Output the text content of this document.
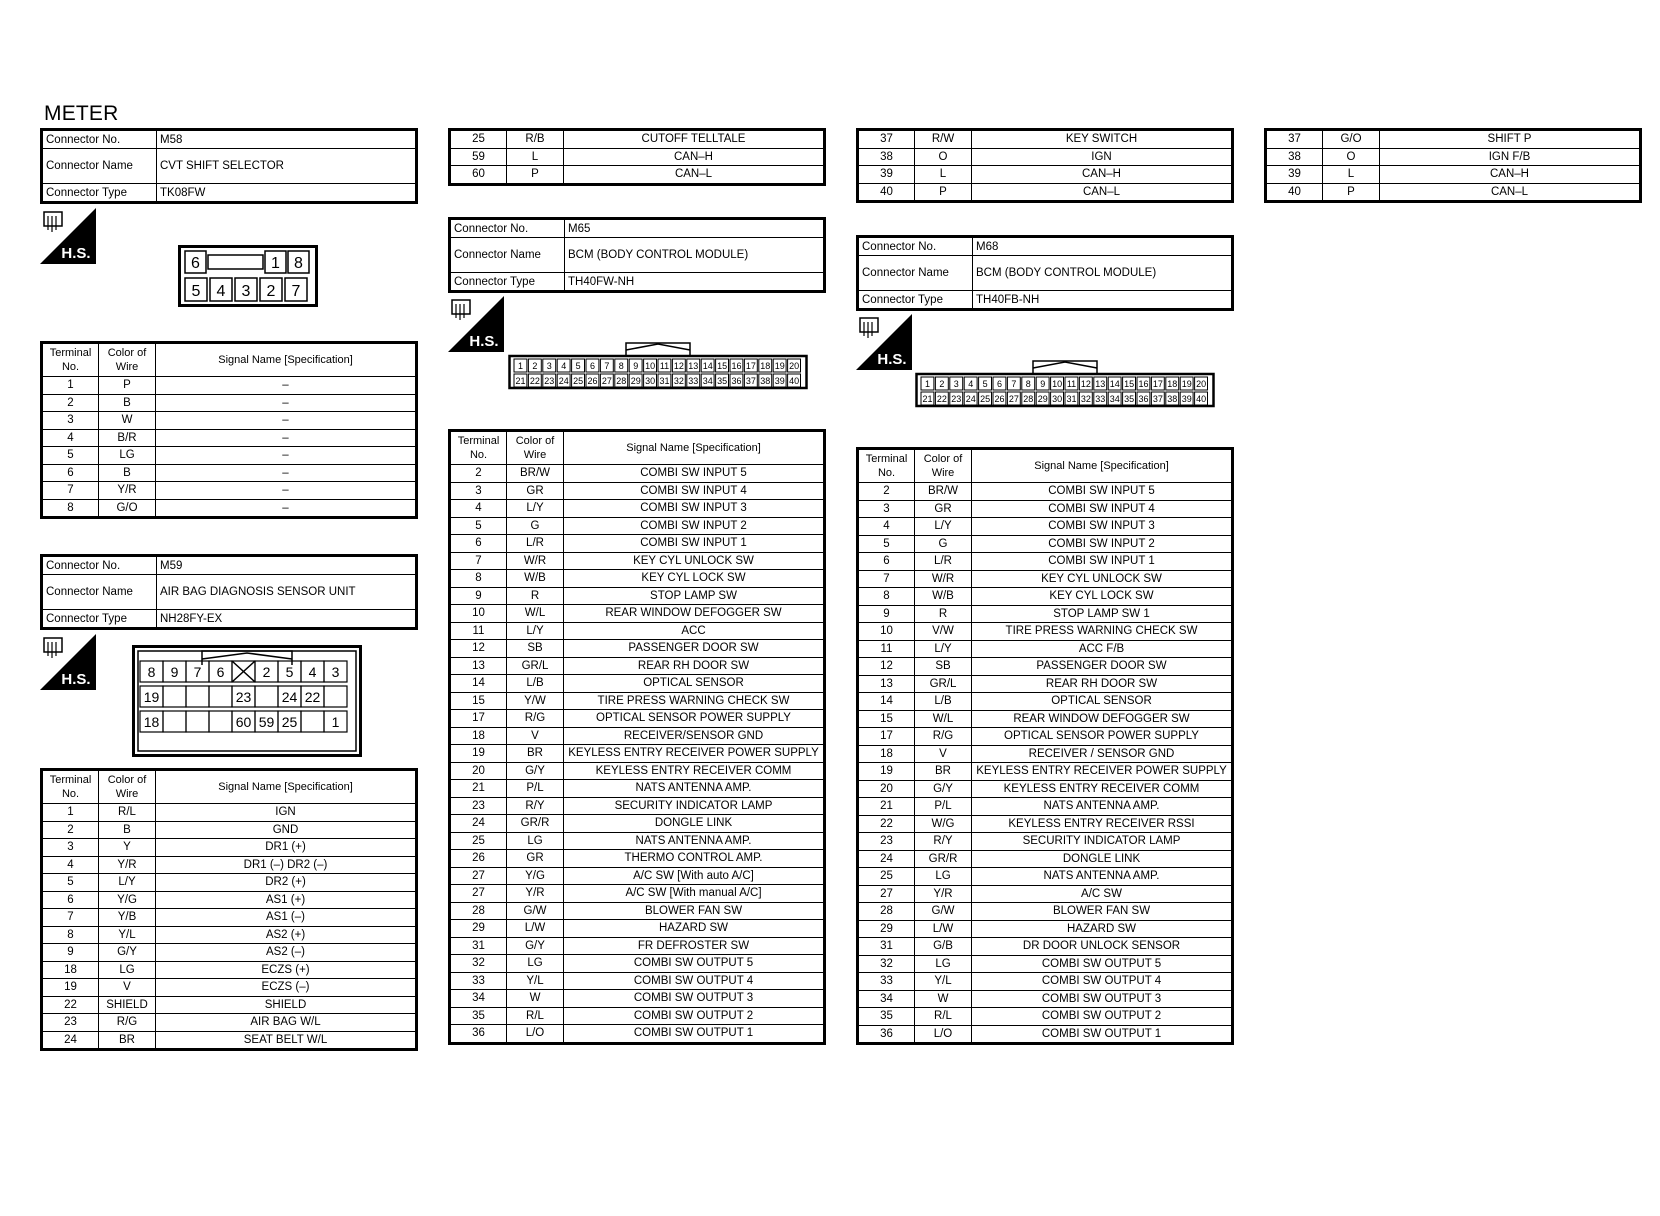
METER
Connector No.	M58
Connector Name	CVT SHIFT SELECTOR
Connector Type	TK08FW
H.S.
6	1 8
5 4 3 2 7
Terminal No.	Color of Wire	Signal Name [Specification]
1	P	–
2	B	–
3	W	–
4	B/R	–
5	LG	–
6	B	–
7	Y/R	–
8	G/O	–
Connector No.	M59
Connector Name	AIR BAG DIAGNOSIS SENSOR UNIT
Connector Type	NH28FY-EX
H.S.	8 9 7 6	2 5 4 3
19	23 24 22
18	60 59 25 1
Terminal No.	Color of Wire	Signal Name [Specification]
1	R/L	IGN
2	B	GND
3	Y	DR1 (+)
4	Y/R	DR1 (–) DR2 (–)
5	L/Y	DR2 (+)
6	Y/G	AS1 (+)
7	Y/B	AS1 (–)
8	Y/L	AS2 (+)
9	G/Y	AS2 (–)
18	LG	ECZS (+)
19	V	ECZS (–)
22	SHIELD	SHIELD
23	R/G	AIR BAG W/L
24	BR	SEAT BELT W/L
25	R/B	CUTOFF TELLTALE
59	L	CAN–H
60	P	CAN–L
Connector No.	M65
Connector Name	BCM (BODY CONTROL MODULE)
Connector Type	TH40FW-NH
H.S.
1 2 3 4 5 6 7 8 9 10 11 12 13 14 15 16 17 18 19 20
21 22 23 24 25 26 27 28 29 30 31 32 33 34 35 36 37 38 39 40
Terminal No.	Color of Wire	Signal Name [Specification]
2	BR/W	COMBI SW INPUT 5
3	GR	COMBI SW INPUT 4
4	L/Y	COMBI SW INPUT 3
5	G	COMBI SW INPUT 2
6	L/R	COMBI SW INPUT 1
7	W/R	KEY CYL UNLOCK SW
8	W/B	KEY CYL LOCK SW
9	R	STOP LAMP SW
10	W/L	REAR WINDOW DEFOGGER SW
11	L/Y	ACC
12	SB	PASSENGER DOOR SW
13	GR/L	REAR RH DOOR SW
14	L/B	OPTICAL SENSOR
15	Y/W	TIRE PRESS WARNING CHECK SW
17	R/G	OPTICAL SENSOR POWER SUPPLY
18	V	RECEIVER/SENSOR GND
19	BR	KEYLESS ENTRY RECEIVER POWER SUPPLY
20	G/Y	KEYLESS ENTRY RECEIVER COMM
21	P/L	NATS ANTENNA AMP.
23	R/Y	SECURITY INDICATOR LAMP
24	GR/R	DONGLE LINK
25	LG	NATS ANTENNA AMP.
26	GR	THERMO CONTROL AMP.
27	Y/G	A/C SW [With auto A/C]
27	Y/R	A/C SW [With manual A/C]
28	G/W	BLOWER FAN SW
29	L/W	HAZARD SW
31	G/Y	FR DEFROSTER SW
32	LG	COMBI SW OUTPUT 5
33	Y/L	COMBI SW OUTPUT 4
34	W	COMBI SW OUTPUT 3
35	R/L	COMBI SW OUTPUT 2
36	L/O	COMBI SW OUTPUT 1
37	R/W	KEY SWITCH
38	O	IGN
39	L	CAN–H
40	P	CAN–L
Connector No.	M68
Connector Name	BCM (BODY CONTROL MODULE)
Connector Type	TH40FB-NH
H.S.
1 2 3 4 5 6 7 8 9 10 11 12 13 14 15 16 17 18 19 20
21 22 23 24 25 26 27 28 29 30 31 32 33 34 35 36 37 38 39 40
Terminal No.	Color of Wire	Signal Name [Specification]
2	BR/W	COMBI SW INPUT 5
3	GR	COMBI SW INPUT 4
4	L/Y	COMBI SW INPUT 3
5	G	COMBI SW INPUT 2
6	L/R	COMBI SW INPUT 1
7	W/R	KEY CYL UNLOCK SW
8	W/B	KEY CYL LOCK SW
9	R	STOP LAMP SW 1
10	V/W	TIRE PRESS WARNING CHECK SW
11	L/Y	ACC F/B
12	SB	PASSENGER DOOR SW
13	GR/L	REAR RH DOOR SW
14	L/B	OPTICAL SENSOR
15	W/L	REAR WINDOW DEFOGGER SW
17	R/G	OPTICAL SENSOR POWER SUPPLY
18	V	RECEIVER / SENSOR GND
19	BR	KEYLESS ENTRY RECEIVER POWER SUPPLY
20	G/Y	KEYLESS ENTRY RECEIVER COMM
21	P/L	NATS ANTENNA AMP.
22	W/G	KEYLESS ENTRY RECEIVER RSSI
23	R/Y	SECURITY INDICATOR LAMP
24	GR/R	DONGLE LINK
25	LG	NATS ANTENNA AMP.
27	Y/R	A/C SW
28	G/W	BLOWER FAN SW
29	L/W	HAZARD SW
31	G/B	DR DOOR UNLOCK SENSOR
32	LG	COMBI SW OUTPUT 5
33	Y/L	COMBI SW OUTPUT 4
34	W	COMBI SW OUTPUT 3
35	R/L	COMBI SW OUTPUT 2
36	L/O	COMBI SW OUTPUT 1
37	G/O	SHIFT P
38	O	IGN F/B
39	L	CAN–H
40	P	CAN–L
